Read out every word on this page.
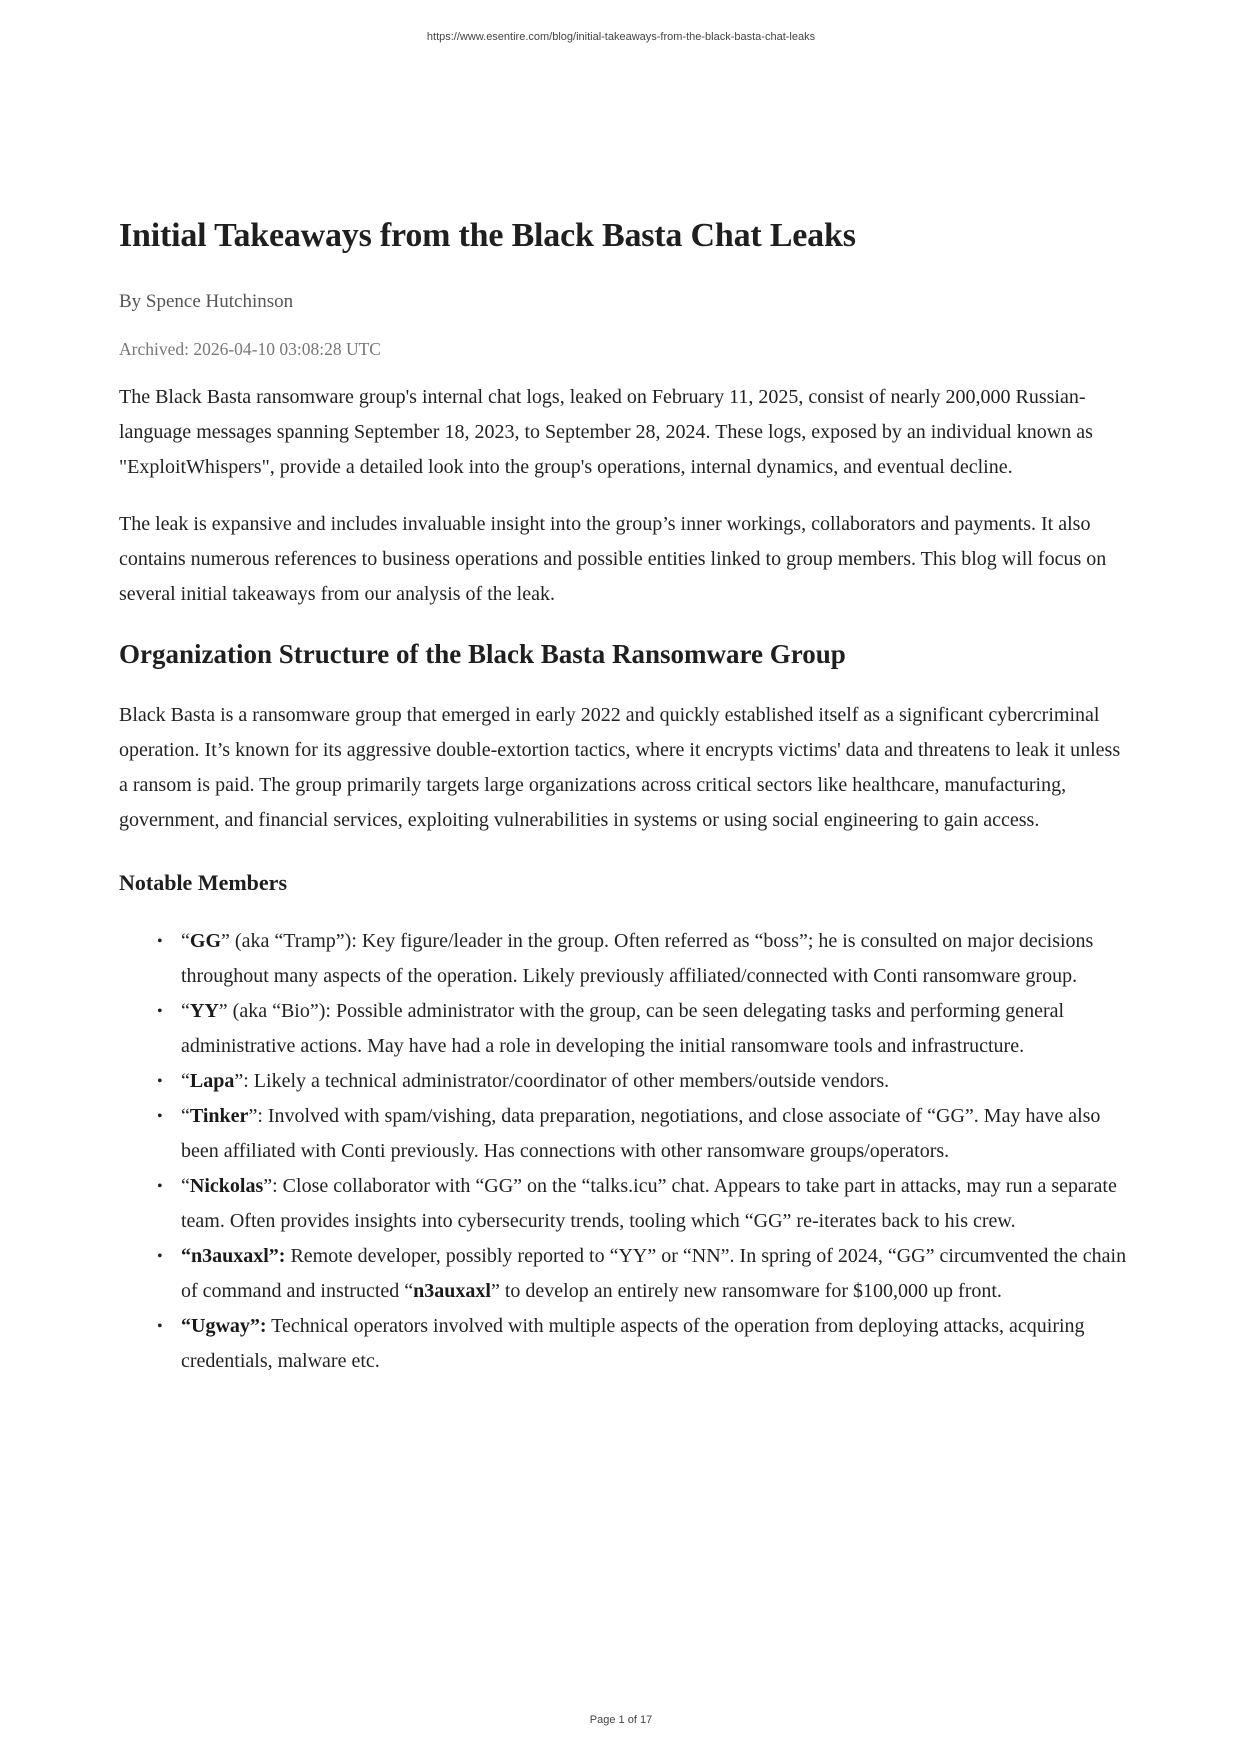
https://www.esentire.com/blog/initial-takeaways-from-the-black-basta-chat-leaks
Initial Takeaways from the Black Basta Chat Leaks
By Spence Hutchinson
Archived: 2026-04-10 03:08:28 UTC

The Black Basta ransomware group's internal chat logs, leaked on February 11, 2025, consist of nearly 200,000 Russian-language messages spanning September 18, 2023, to September 28, 2024. These logs, exposed by an individual known as "ExploitWhispers", provide a detailed look into the group's operations, internal dynamics, and eventual decline.

The leak is expansive and includes invaluable insight into the group’s inner workings, collaborators and payments. It also contains numerous references to business operations and possible entities linked to group members. This blog will focus on several initial takeaways from our analysis of the leak.

Organization Structure of the Black Basta Ransomware Group

Black Basta is a ransomware group that emerged in early 2022 and quickly established itself as a significant cybercriminal operation. It’s known for its aggressive double-extortion tactics, where it encrypts victims' data and threatens to leak it unless a ransom is paid. The group primarily targets large organizations across critical sectors like healthcare, manufacturing, government, and financial services, exploiting vulnerabilities in systems or using social engineering to gain access.

Notable Members
• “GG” (aka “Tramp”): Key figure/leader in the group. Often referred as “boss”; he is consulted on major decisions throughout many aspects of the operation. Likely previously affiliated/connected with Conti ransomware group.
• “YY” (aka “Bio”): Possible administrator with the group, can be seen delegating tasks and performing general administrative actions. May have had a role in developing the initial ransomware tools and infrastructure.
• “Lapa”: Likely a technical administrator/coordinator of other members/outside vendors.
• “Tinker”: Involved with spam/vishing, data preparation, negotiations, and close associate of “GG”. May have also been affiliated with Conti previously. Has connections with other ransomware groups/operators.
• “Nickolas”: Close collaborator with “GG” on the “talks.icu” chat. Appears to take part in attacks, may run a separate team. Often provides insights into cybersecurity trends, tooling which “GG” re-iterates back to his crew.
• “n3auxaxl”: Remote developer, possibly reported to “YY” or “NN”. In spring of 2024, “GG” circumvented the chain of command and instructed “n3auxaxl” to develop an entirely new ransomware for $100,000 up front.
• “Ugway”: Technical operators involved with multiple aspects of the operation from deploying attacks, acquiring credentials, malware etc.
Page 1 of 17
